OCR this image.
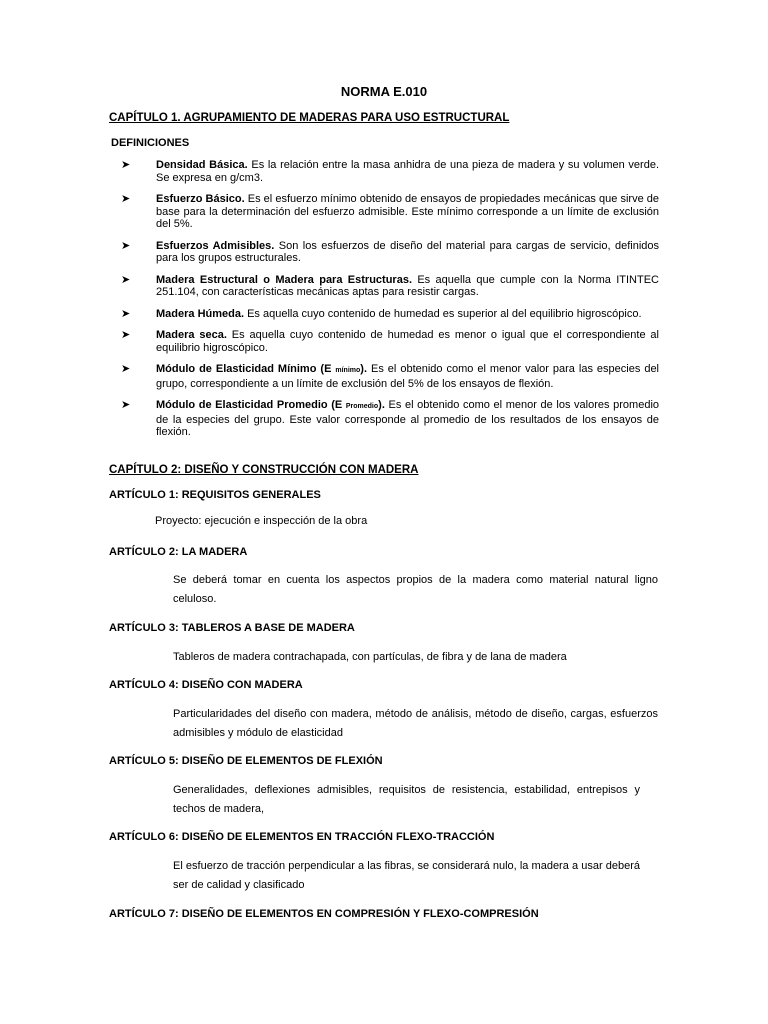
NORMA E.010
CAPÍTULO 1. AGRUPAMIENTO DE MADERAS PARA USO ESTRUCTURAL
DEFINICIONES
➤ Densidad Básica. Es la relación entre la masa anhidra de una pieza de madera y su volumen verde. Se expresa en g/cm3.
➤ Esfuerzo Básico. Es el esfuerzo mínimo obtenido de ensayos de propiedades mecánicas que sirve de base para la determinación del esfuerzo admisible. Este mínimo corresponde a un límite de exclusión del 5%.
➤ Esfuerzos Admisibles. Son los esfuerzos de diseño del material para cargas de servicio, definidos para los grupos estructurales.
➤ Madera Estructural o Madera para Estructuras. Es aquella que cumple con la Norma ITINTEC 251.104, con características mecánicas aptas para resistir cargas.
➤ Madera Húmeda. Es aquella cuyo contenido de humedad es superior al del equilibrio higroscópico.
➤ Madera seca. Es aquella cuyo contenido de humedad es menor o igual que el correspondiente al equilibrio higroscópico.
➤ Módulo de Elasticidad Mínimo (E mínimo). Es el obtenido como el menor valor para las especies del grupo, correspondiente a un límite de exclusión del 5% de los ensayos de flexión.
➤ Módulo de Elasticidad Promedio (E Promedio). Es el obtenido como el menor de los valores promedio de la especies del grupo. Este valor corresponde al promedio de los resultados de los ensayos de flexión.
CAPÍTULO 2: DISEÑO Y CONSTRUCCIÓN CON MADERA
ARTÍCULO 1: REQUISITOS GENERALES
Proyecto: ejecución e inspección de la obra
ARTÍCULO 2: LA MADERA
Se deberá tomar en cuenta los aspectos propios de la madera como material natural ligno celuloso.
ARTÍCULO 3: TABLEROS A BASE DE MADERA
Tableros de madera contrachapada, con partículas, de fibra y de lana de madera
ARTÍCULO 4: DISEÑO CON MADERA
Particularidades del diseño con madera, método de análisis, método de diseño, cargas, esfuerzos admisibles y módulo de elasticidad
ARTÍCULO 5: DISEÑO DE ELEMENTOS DE FLEXIÓN
Generalidades, deflexiones admisibles, requisitos de resistencia, estabilidad, entrepisos y techos de madera,
ARTÍCULO 6: DISEÑO DE ELEMENTOS EN TRACCIÓN FLEXO-TRACCIÓN
El esfuerzo de tracción perpendicular a las fibras, se considerará nulo, la madera a usar deberá ser de calidad y clasificado
ARTÍCULO 7: DISEÑO DE ELEMENTOS EN COMPRESIÓN Y FLEXO-COMPRESIÓN
